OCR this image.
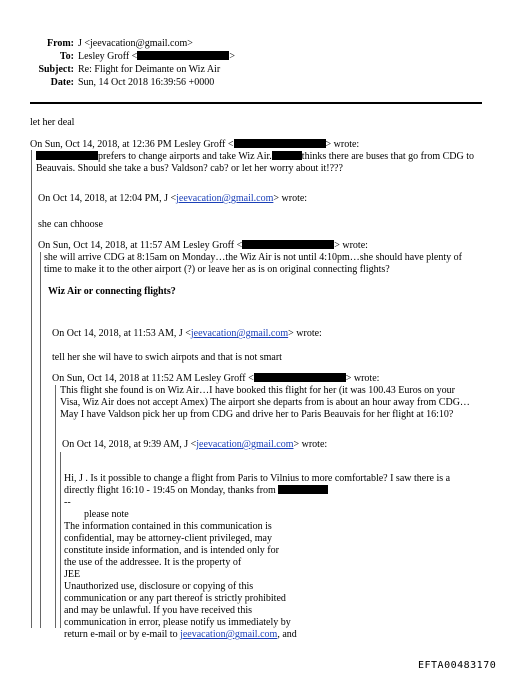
From: J <jeevacation@gmail.com>
To: Lesley Groff <	>
Subject: Re: Flight for Deimante on Wiz Air
Date: Sun, 14 Oct 2018 16:39:56 +0000
let her deal
On Sun, Oct 14, 2018, at 12:36 PM Lesley Groff <	> wrote:
prefers to change airports and take Wiz Air.	thinks there are buses that go from CDG to
Beauvais. Should she take a bus? Valdson? cab? or let her worry about it!???
On Oct 14, 2018, at 12:04 PM, J <jeevacation@gmail.com> wrote:
she can chhoose
On Sun, Oct 14, 2018, at 11:57 AM Lesley Groff <	> wrote:
she will arrive CDG at 8:15am on Monday…the Wiz Air is not until 4:10pm…she should have plenty of
time to make it to the other airport (?) or leave her as is on original connecting flights?
Wiz Air or connecting flights?
On Oct 14, 2018, at 11:53 AM, J <jeevacation@gmail.com> wrote:
tell her she wil have to swich airpots and that is not smart
On Sun, Oct 14, 2018 at 11:52 AM Lesley Groff <	> wrote:
This flight she found is on Wiz Air…I have booked this flight for her (it was 100.43 Euros on your
Visa, Wiz Air does not accept Amex) The airport she departs from is about an hour away from CDG…
May I have Valdson pick her up from CDG and drive her to Paris Beauvais for her flight at 16:10?
On Oct 14, 2018, at 9:39 AM, J <jeevacation@gmail.com> wrote:
Hi, J . Is it possible to change a flight from Paris to Vilnius to more comfortable? I saw there is a
directly flight 16:10 - 19:45 on Monday, thanks from
--
please note
The information contained in this communication is
confidential, may be attorney-client privileged, may
constitute inside information, and is intended only for
the use of the addressee. It is the property of
JEE
Unauthorized use, disclosure or copying of this
communication or any part thereof is strictly prohibited
and may be unlawful. If you have received this
communication in error, please notify us immediately by
return e-mail or by e-mail to jeevacation@gmail.com, and
EFTA00483170
